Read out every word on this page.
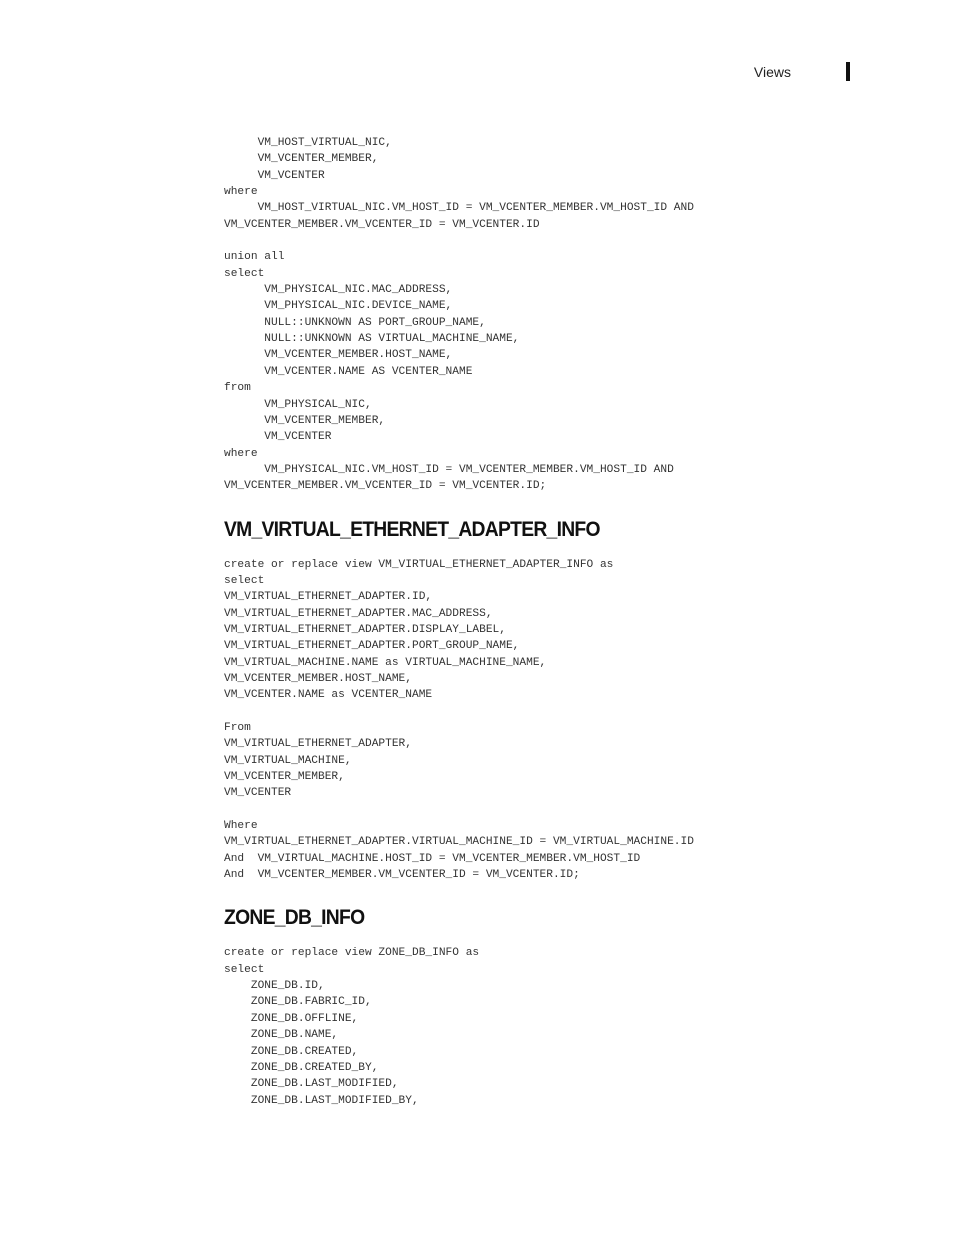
Views
VM_HOST_VIRTUAL_NIC,
VM_VCENTER_MEMBER,
VM_VCENTER
where
VM_HOST_VIRTUAL_NIC.VM_HOST_ID = VM_VCENTER_MEMBER.VM_HOST_ID AND
VM_VCENTER_MEMBER.VM_VCENTER_ID = VM_VCENTER.ID

union all
select
VM_PHYSICAL_NIC.MAC_ADDRESS,
VM_PHYSICAL_NIC.DEVICE_NAME,
NULL::UNKNOWN AS PORT_GROUP_NAME,
NULL::UNKNOWN AS VIRTUAL_MACHINE_NAME,
VM_VCENTER_MEMBER.HOST_NAME,
VM_VCENTER.NAME AS VCENTER_NAME
from
VM_PHYSICAL_NIC,
VM_VCENTER_MEMBER,
VM_VCENTER
where
VM_PHYSICAL_NIC.VM_HOST_ID = VM_VCENTER_MEMBER.VM_HOST_ID AND
VM_VCENTER_MEMBER.VM_VCENTER_ID = VM_VCENTER.ID;
VM_VIRTUAL_ETHERNET_ADAPTER_INFO
create or replace view VM_VIRTUAL_ETHERNET_ADAPTER_INFO as
select
VM_VIRTUAL_ETHERNET_ADAPTER.ID,
VM_VIRTUAL_ETHERNET_ADAPTER.MAC_ADDRESS,
VM_VIRTUAL_ETHERNET_ADAPTER.DISPLAY_LABEL,
VM_VIRTUAL_ETHERNET_ADAPTER.PORT_GROUP_NAME,
VM_VIRTUAL_MACHINE.NAME as VIRTUAL_MACHINE_NAME,
VM_VCENTER_MEMBER.HOST_NAME,
VM_VCENTER.NAME as VCENTER_NAME

From
VM_VIRTUAL_ETHERNET_ADAPTER,
VM_VIRTUAL_MACHINE,
VM_VCENTER_MEMBER,
VM_VCENTER

Where
VM_VIRTUAL_ETHERNET_ADAPTER.VIRTUAL_MACHINE_ID = VM_VIRTUAL_MACHINE.ID
And  VM_VIRTUAL_MACHINE.HOST_ID = VM_VCENTER_MEMBER.VM_HOST_ID
And  VM_VCENTER_MEMBER.VM_VCENTER_ID = VM_VCENTER.ID;
ZONE_DB_INFO
create or replace view ZONE_DB_INFO as
select
ZONE_DB.ID,
ZONE_DB.FABRIC_ID,
ZONE_DB.OFFLINE,
ZONE_DB.NAME,
ZONE_DB.CREATED,
ZONE_DB.CREATED_BY,
ZONE_DB.LAST_MODIFIED,
ZONE_DB.LAST_MODIFIED_BY,
